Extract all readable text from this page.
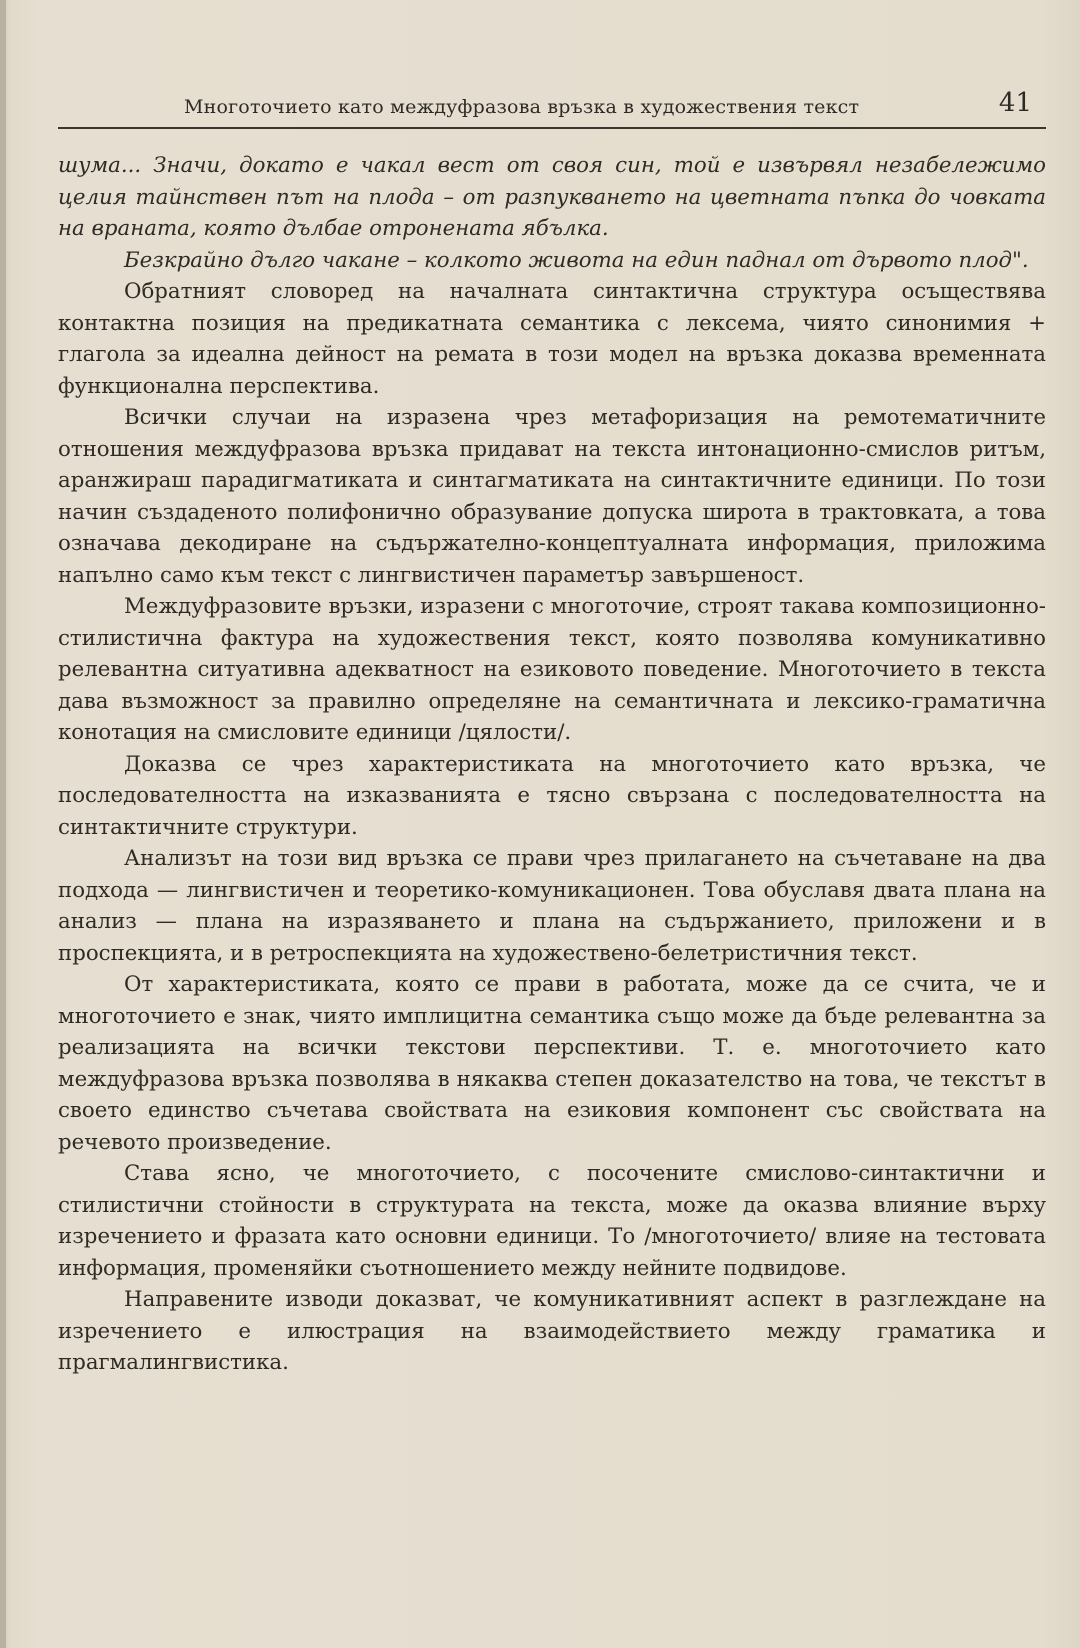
Многоточието като междуфразова връзка в художествения текст	41

шума... Значи, докато е чакал вест от своя син, той е извървял незабележимо целия тайнствен път на плода – от разпукването на цветната пъпка до човката на враната, която дълбае отронената ябълка.

Безкрайно дълго чакане – колкото живота на един паднал от дървото плод".

Обратният словоред на началната синтактична структура осъществява контактна позиция на предикатната семантика с лексема, чиято синонимия + глагола за идеална дейност на ремата в този модел на връзка доказва временната функционална перспектива.

Всички случаи на изразена чрез метафоризация на ремотематичните отношения междуфразова връзка придават на текста интонационно-смислов ритъм, аранжираш парадигматиката и синтагматиката на синтактичните единици. По този начин създаденото полифонично образувание допуска широта в трактовката, а това означава декодиране на съдържателно-концептуалната информация, приложима напълно само към текст с лингвистичен параметър завършеност.

Междуфразовите връзки, изразени с многоточие, строят такава композиционно-стилистична фактура на художествения текст, която позволява комуникативно релевантна ситуативна адекватност на езиковото поведение. Многоточието в текста дава възможност за правилно определяне на семантичната и лексико-граматична конотация на смисловите единици /цялости/.

Доказва се чрез характеристиката на многоточието като връзка, че последователността на изказванията е тясно свързана с последователността на синтактичните структури.

Анализът на този вид връзка се прави чрез прилагането на съчетаване на два подхода — лингвистичен и теоретико-комуникационен. Това обуславя двата плана на анализ — плана на изразяването и плана на съдържанието, приложени и в проспекцията, и в ретроспекцията на художествено-белетристичния текст.

От характеристиката, която се прави в работата, може да се счита, че и многоточието е знак, чиято имплицитна семантика също може да бъде релевантна за реализацията на всички текстови перспективи. Т. е. многоточието като междуфразова връзка позволява в някаква степен доказателство на това, че текстът в своето единство съчетава свойствата на езиковия компонент със свойствата на речевото произведение.

Става ясно, че многоточието, с посочените смислово-синтактични и стилистични стойности в структурата на текста, може да оказва влияние върху изречението и фразата като основни единици. То /многоточието/ влияе на тестовата информация, променяйки съотношението между нейните подвидове.

Направените изводи доказват, че комуникативният аспект в разглеждане на изречението е илюстрация на взаимодействието между граматика и прагмалингвистика.
